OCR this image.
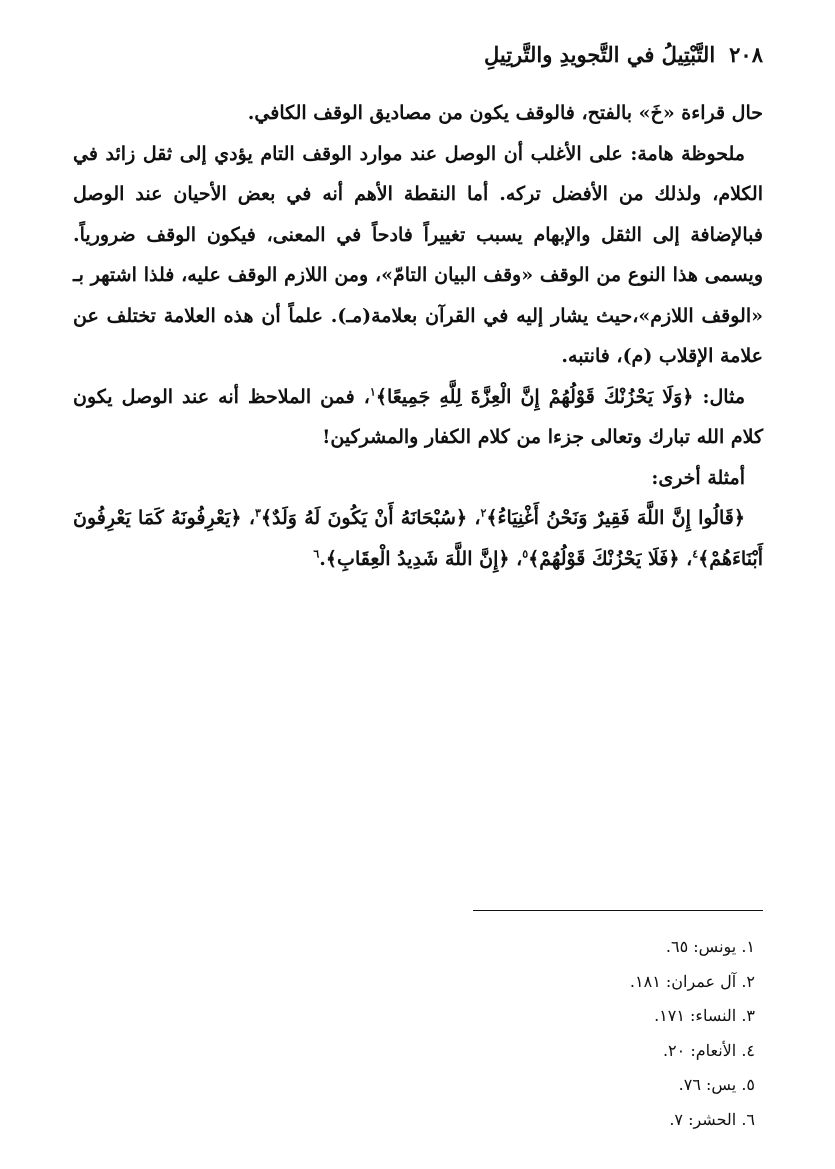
٢٠٨التَّبْتِيلُ في التَّجويدِ والتَّرتِيلِ

حال قراءة «خَ» بالفتح، فالوقف يكون من مصاديق الوقف الكافي.

ملحوظة هامة: على الأغلب أن الوصل عند موارد الوقف التام يؤدي إلى ثقل زائد في الكلام، ولذلك من الأفضل تركه. أما النقطة الأهم أنه في بعض الأحيان عند الوصل فبالإضافة إلى الثقل والإبهام يسبب تغييراً فادحاً في المعنى، فيكون الوقف ضرورياً. ويسمى هذا النوع من الوقف «وقف البيان التامّ»، ومن اللازم الوقف عليه، فلذا اشتهر بـ «الوقف اللازم»،حيث يشار إليه في القرآن بعلامة(مـ). علماً أن هذه العلامة تختلف عن علامة الإقلاب (م)، فانتبه.

مثال: ﴿وَلَا يَحْزُنْكَ قَوْلُهُمْ إِنَّ الْعِزَّةَ لِلَّهِ جَمِيعًا﴾$^١$، فمن الملاحظ أنه عند الوصل يكون كلام الله تبارك وتعالى جزءا من كلام الكفار والمشركين!

أمثلة أخرى:

﴿قَالُوا إِنَّ اللَّهَ فَقِيرٌ وَنَحْنُ أَغْنِيَاءُ﴾$^٢$، ﴿سُبْحَانَهُ أَنْ يَكُونَ لَهُ وَلَدٌ﴾$^٣$، ﴿يَعْرِفُونَهُ كَمَا يَعْرِفُونَ أَبْنَاءَهُمْ﴾$^٤$، ﴿فَلَا يَحْزُنْكَ قَوْلُهُمْ﴾$^٥$، ﴿إِنَّ اللَّهَ شَدِيدُ الْعِقَابِ﴾.$^٦$

١. يونس: ٦٥.
٢. آل عمران: ١٨١.
٣. النساء: ١٧١.
٤. الأنعام: ٢٠.
٥. يس: ٧٦.
٦. الحشر: ٧.
